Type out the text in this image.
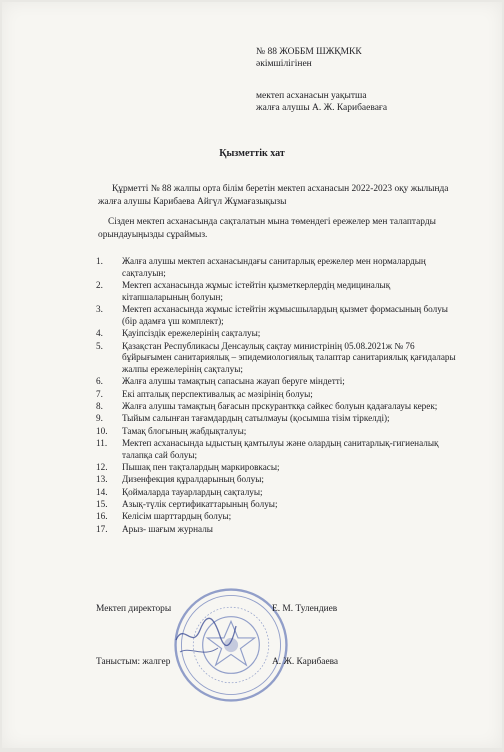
№ 88 ЖОББМ ШЖҚМКК
әкімшілігінен
мектеп асханасын уақытша
жалға алушы А. Ж. Карибаеваға
Қызметтік хат
Құрметті № 88 жалпы орта білім беретін мектеп асханасын 2022-2023 оқу жылында жалға алушы Карибаева Айгүл Жұмағазықызы
Сізден мектеп асханасында сақталатын мына төмендегі ережелер мен талаптарды орындауыңызды сұраймыз.
1.	Жалға алушы мектеп асханасындағы санитарлық ережелер мен нормалардың сақталуын;
2.	Мектеп асханасында жұмыс істейтін қызметкерлердің медициналық кітапшаларының болуын;
3.	Мектеп асханасында жұмыс істейтін жұмысшылардың қызмет формасының болуы (бір адамға үш комплект);
4.	Қауіпсіздік ережелерінің сақталуы;
5.	Қазақстан Республикасы Денсаулық сақтау министрінің 05.08.2021ж № 76 бұйрығымен санитариялық – эпидемиологиялық талаптар санитариялық қағидалары жалпы ережелерінің сақталуы;
6.	Жалға алушы тамақтың сапасына жауап беруге міндетті;
7.	Екі апталық перспективалық ас мәзірінің болуы;
8.	Жалға алушы тамақтың бағасын прскуранткқа сәйкес болуын қадағалауы керек;
9.	Тыйым салынған тағамдардың сатылмауы (қосымша тізім тіркелді);
10.	Тамақ блогының жабдықталуы;
11.	Мектеп асханасында ыдыстың қамтылуы және олардың санитарлық-гигиеналық талапқа сай болуы;
12.	Пышақ пен тақталардың маркировкасы;
13.	Дизенфекция құралдарының болуы;
14.	Қоймаларда тауарлардың сақталуы;
15.	Азық-түлік сертификаттарының болуы;
16.	Келісім шарттардың болуы;
17.	Арыз- шағым журналы
Мектеп директоры	Е. М. Тулендиев
Таныстым: жалгер	А. Ж. Карибаева
